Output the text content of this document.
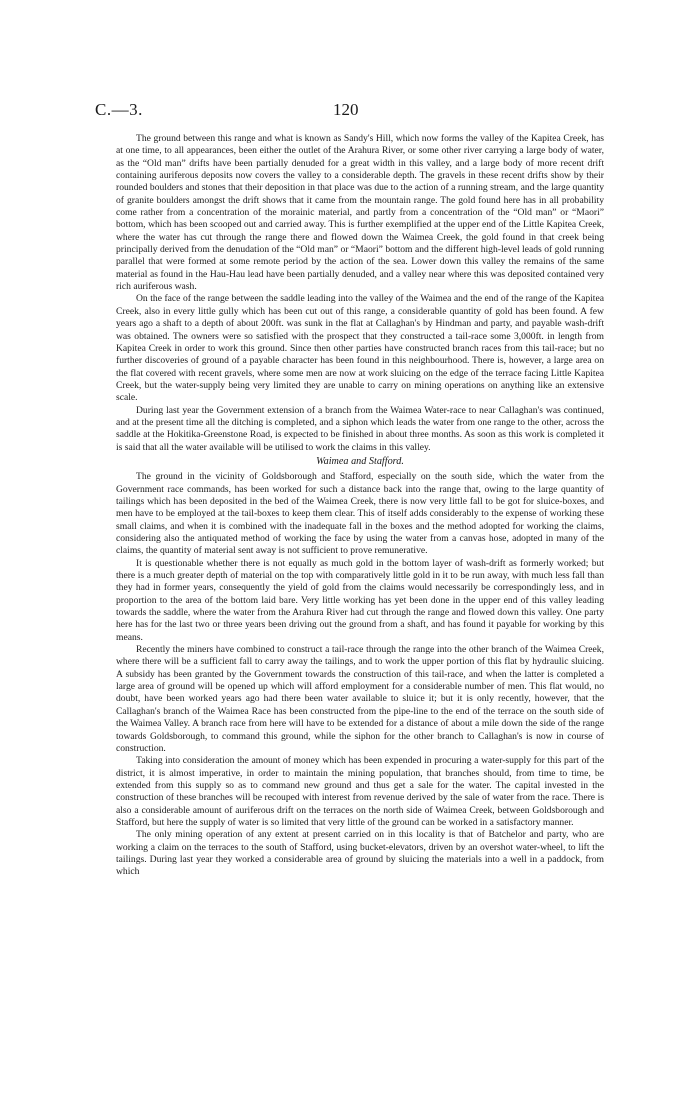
C.—3.	120

The ground between this range and what is known as Sandy's Hill, which now forms the valley of the Kapitea Creek, has at one time, to all appearances, been either the outlet of the Arahura River, or some other river carrying a large body of water, as the “Old man” drifts have been partially denuded for a great width in this valley, and a large body of more recent drift containing auriferous deposits now covers the valley to a considerable depth. The gravels in these recent drifts show by their rounded boulders and stones that their deposition in that place was due to the action of a running stream, and the large quantity of granite boulders amongst the drift shows that it came from the mountain range. The gold found here has in all probability come rather from a concentration of the morainic material, and partly from a concentration of the “Old man” or “Maori” bottom, which has been scooped out and carried away. This is further exemplified at the upper end of the Little Kapitea Creek, where the water has cut through the range there and flowed down the Waimea Creek, the gold found in that creek being principally derived from the denudation of the “Old man” or “Maori” bottom and the different high-level leads of gold running parallel that were formed at some remote period by the action of the sea. Lower down this valley the remains of the same material as found in the Hau-Hau lead have been partially denuded, and a valley near where this was deposited contained very rich auriferous wash.

On the face of the range between the saddle leading into the valley of the Waimea and the end of the range of the Kapitea Creek, also in every little gully which has been cut out of this range, a considerable quantity of gold has been found. A few years ago a shaft to a depth of about 200ft. was sunk in the flat at Callaghan's by Hindman and party, and payable wash-drift was obtained. The owners were so satisfied with the prospect that they constructed a tail-race some 3,000ft. in length from Kapitea Creek in order to work this ground. Since then other parties have constructed branch races from this tail-race; but no further discoveries of ground of a payable character has been found in this neighbourhood. There is, however, a large area on the flat covered with recent gravels, where some men are now at work sluicing on the edge of the terrace facing Little Kapitea Creek, but the water-supply being very limited they are unable to carry on mining operations on anything like an extensive scale.

During last year the Government extension of a branch from the Waimea Water-race to near Callaghan's was continued, and at the present time all the ditching is completed, and a siphon which leads the water from one range to the other, across the saddle at the Hokitika-Greenstone Road, is expected to be finished in about three months. As soon as this work is completed it is said that all the water available will be utilised to work the claims in this valley.

Waimea and Stafford.

The ground in the vicinity of Goldsborough and Stafford, especially on the south side, which the water from the Government race commands, has been worked for such a distance back into the range that, owing to the large quantity of tailings which has been deposited in the bed of the Waimea Creek, there is now very little fall to be got for sluice-boxes, and men have to be employed at the tail-boxes to keep them clear. This of itself adds considerably to the expense of working these small claims, and when it is combined with the inadequate fall in the boxes and the method adopted for working the claims, considering also the antiquated method of working the face by using the water from a canvas hose, adopted in many of the claims, the quantity of material sent away is not sufficient to prove remunerative.

It is questionable whether there is not equally as much gold in the bottom layer of wash-drift as formerly worked; but there is a much greater depth of material on the top with comparatively little gold in it to be run away, with much less fall than they had in former years, consequently the yield of gold from the claims would necessarily be correspondingly less, and in proportion to the area of the bottom laid bare. Very little working has yet been done in the upper end of this valley leading towards the saddle, where the water from the Arahura River had cut through the range and flowed down this valley. One party here has for the last two or three years been driving out the ground from a shaft, and has found it payable for working by this means.

Recently the miners have combined to construct a tail-race through the range into the other branch of the Waimea Creek, where there will be a sufficient fall to carry away the tailings, and to work the upper portion of this flat by hydraulic sluicing. A subsidy has been granted by the Government towards the construction of this tail-race, and when the latter is completed a large area of ground will be opened up which will afford employment for a considerable number of men. This flat would, no doubt, have been worked years ago had there been water available to sluice it; but it is only recently, however, that the Callaghan's branch of the Waimea Race has been constructed from the pipe-line to the end of the terrace on the south side of the Waimea Valley. A branch race from here will have to be extended for a distance of about a mile down the side of the range towards Goldsborough, to command this ground, while the siphon for the other branch to Callaghan's is now in course of construction.

Taking into consideration the amount of money which has been expended in procuring a water-supply for this part of the district, it is almost imperative, in order to maintain the mining population, that branches should, from time to time, be extended from this supply so as to command new ground and thus get a sale for the water. The capital invested in the construction of these branches will be recouped with interest from revenue derived by the sale of water from the race. There is also a considerable amount of auriferous drift on the terraces on the north side of Waimea Creek, between Goldsborough and Stafford, but here the supply of water is so limited that very little of the ground can be worked in a satisfactory manner.

The only mining operation of any extent at present carried on in this locality is that of Batchelor and party, who are working a claim on the terraces to the south of Stafford, using bucket-elevators, driven by an overshot water-wheel, to lift the tailings. During last year they worked a considerable area of ground by sluicing the materials into a well in a paddock, from which
